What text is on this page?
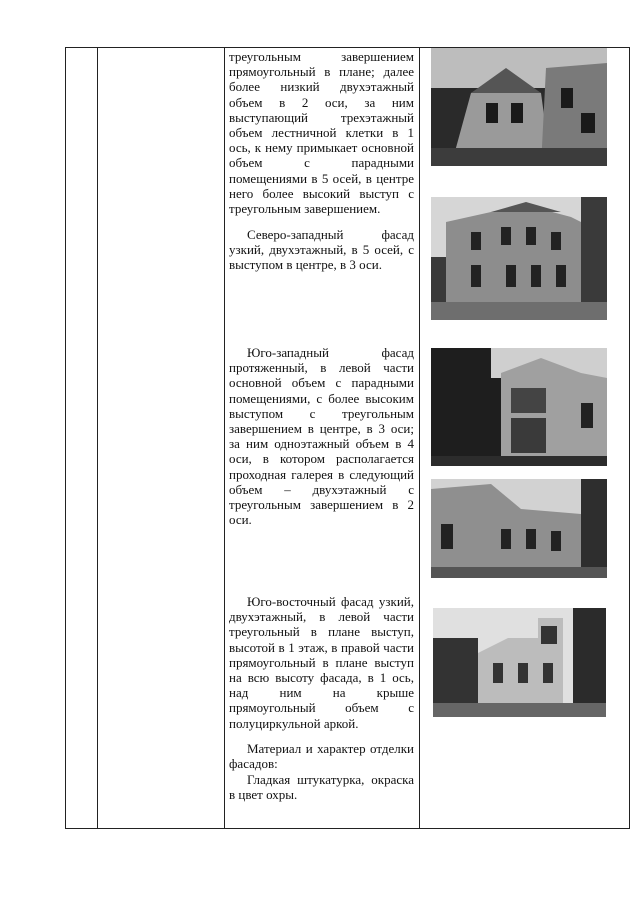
треугольным завершением прямоугольный в плане; далее более низкий двухэтажный объем в 2 оси, за ним выступающий трехэтажный объем лестничной клетки в 1 ось, к нему примыкает основной объем с парадными помещениями в 5 осей, в центре него более высокий выступ с треугольным завершением.

Северо-западный фасад узкий, двухэтажный, в 5 осей, с выступом в центре, в 3 оси.

Юго-западный фасад протяженный, в левой части основной объем с парадными помещениями, с более высоким выступом с треугольным завершением в центре, в 3 оси; за ним одноэтажный объем в 4 оси, в котором располагается проходная галерея в следующий объем – двухэтажный с треугольным завершением в 2 оси.

Юго-восточный фасад узкий, двухэтажный, в левой части треугольный в плане выступ, высотой в 1 этаж, в правой части прямоугольный в плане выступ на всю высоту фасада, в 1 ось, над ним на крыше прямоугольный объем с полуциркульной аркой.

Материал и характер отделки фасадов:

Гладкая штукатурка, окраска в цвет охры.
